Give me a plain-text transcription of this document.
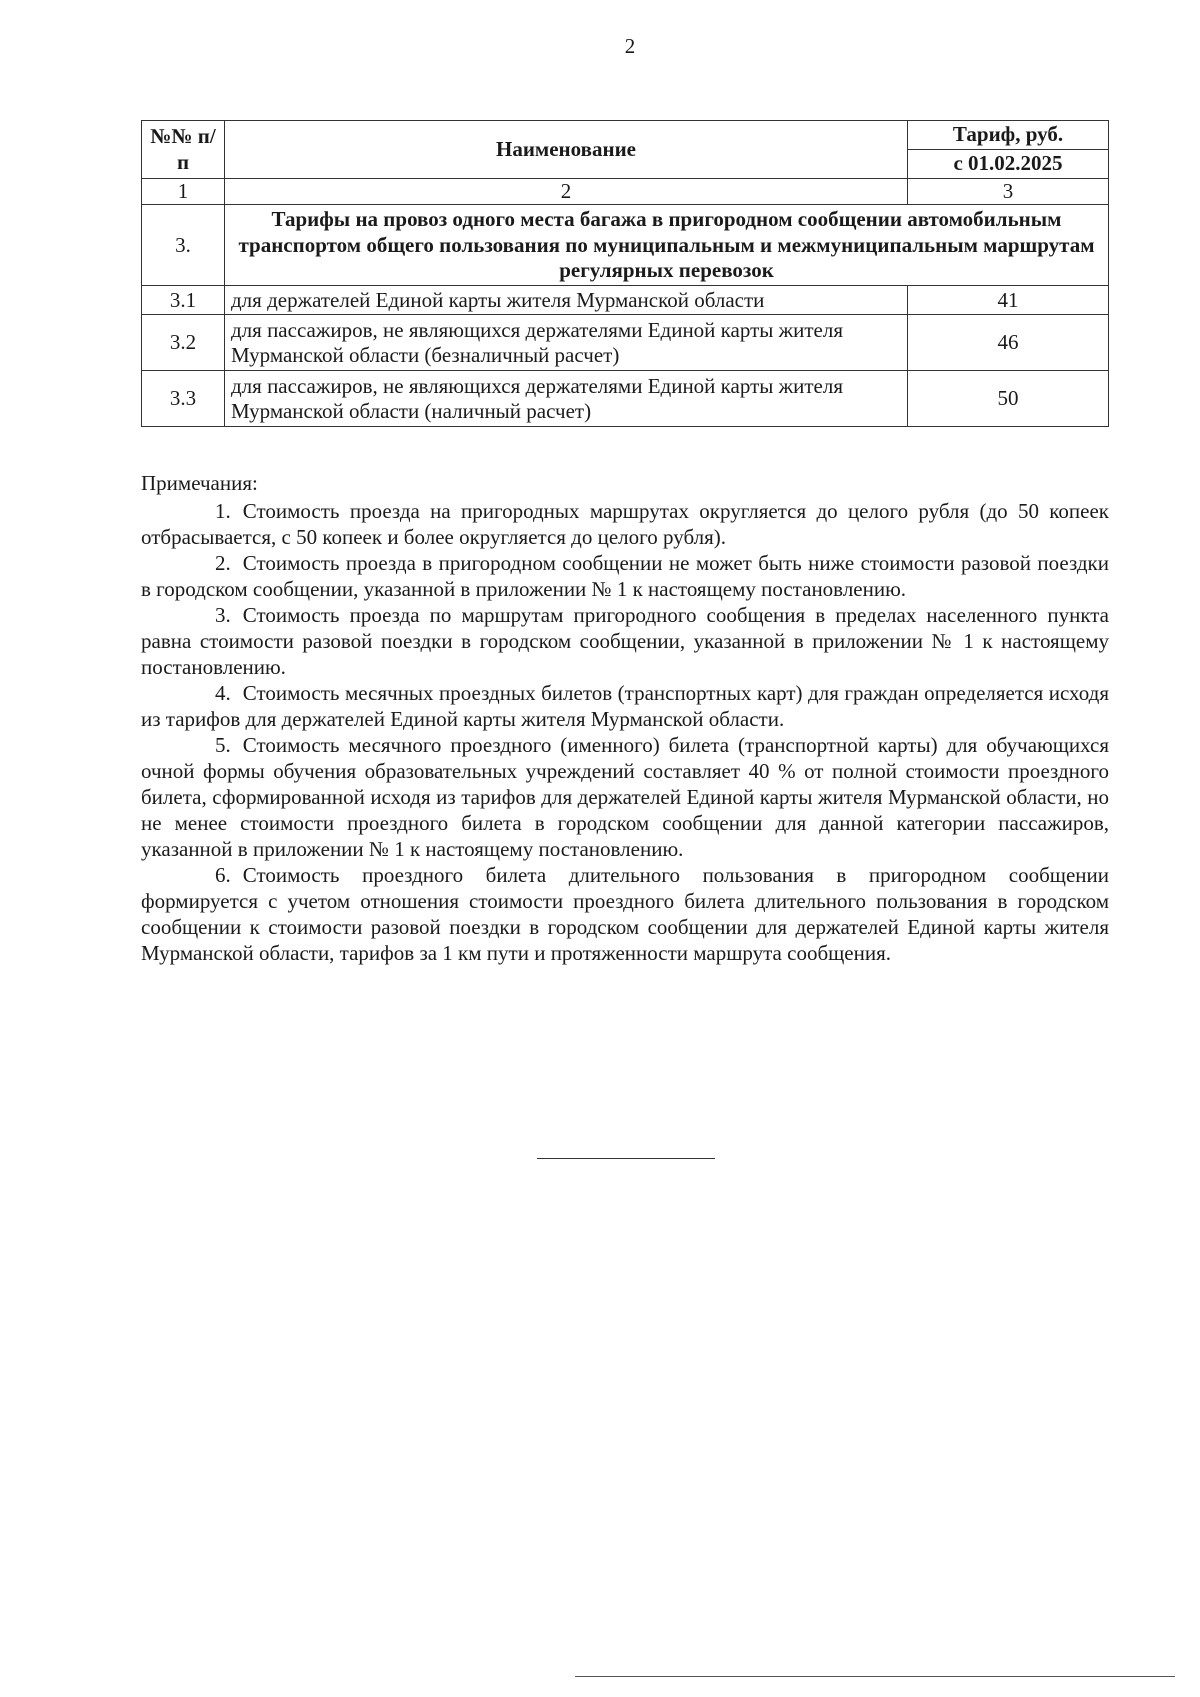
2
№№ п/п	Наименование	Тариф, руб.
		с 01.02.2025
1	2	3
3.	Тарифы на провоз одного места багажа в пригородном сообщении автомобильным транспортом общего пользования по муниципальным и межмуниципальным маршрутам регулярных перевозок	
3.1	для держателей Единой карты жителя Мурманской области	41
3.2	для пассажиров, не являющихся держателями Единой карты жителя Мурманской области (безналичный расчет)	46
3.3	для пассажиров, не являющихся держателями Единой карты жителя Мурманской области (наличный расчет)	50

Примечания:

1. Стоимость проезда на пригородных маршрутах округляется до целого рубля (до 50 копеек отбрасывается, с 50 копеек и более округляется до целого рубля).

2. Стоимость проезда в пригородном сообщении не может быть ниже стоимости разовой поездки в городском сообщении, указанной в приложении № 1 к настоящему постановлению.

3. Стоимость проезда по маршрутам пригородного сообщения в пределах населенного пункта равна стоимости разовой поездки в городском сообщении, указанной в приложении № 1 к настоящему постановлению.

4. Стоимость месячных проездных билетов (транспортных карт) для граждан определяется исходя из тарифов для держателей Единой карты жителя Мурманской области.

5. Стоимость месячного проездного (именного) билета (транспортной карты) для обучающихся очной формы обучения образовательных учреждений составляет 40 % от полной стоимости проездного билета, сформированной исходя из тарифов для держателей Единой карты жителя Мурманской области, но не менее стоимости проездного билета в городском сообщении для данной категории пассажиров, указанной в приложении № 1 к настоящему постановлению.

6. Стоимость проездного билета длительного пользования в пригородном сообщении формируется с учетом отношения стоимости проездного билета длительного пользования в городском сообщении к стоимости разовой поездки в городском сообщении для держателей Единой карты жителя Мурманской области, тарифов за 1 км пути и протяженности маршрута сообщения.
